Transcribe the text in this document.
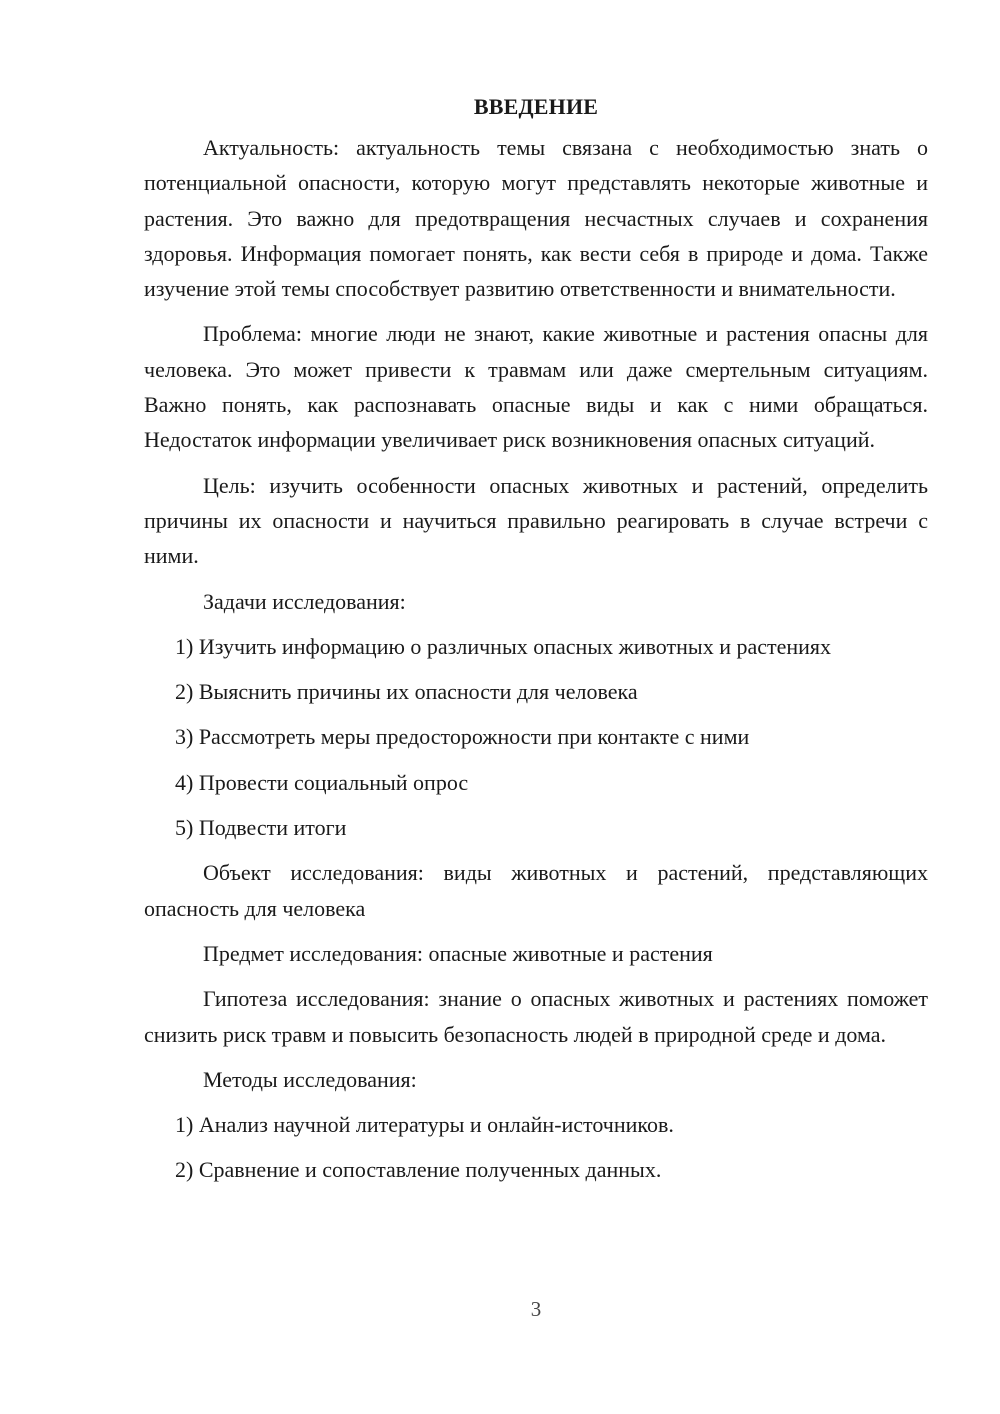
ВВЕДЕНИЕ

Актуальность: актуальность темы связана с необходимостью знать о потенциальной опасности, которую могут представлять некоторые животные и растения. Это важно для предотвращения несчастных случаев и сохранения здоровья. Информация помогает понять, как вести себя в природе и дома. Также изучение этой темы способствует развитию ответственности и внимательности.

Проблема: многие люди не знают, какие животные и растения опасны для человека. Это может привести к травмам или даже смертельным ситуациям. Важно понять, как распознавать опасные виды и как с ними обращаться. Недостаток информации увеличивает риск возникновения опасных ситуаций.

Цель: изучить особенности опасных животных и растений, определить причины их опасности и научиться правильно реагировать в случае встречи с ними.

Задачи исследования:

1) Изучить информацию о различных опасных животных и растениях
2) Выяснить причины их опасности для человека
3) Рассмотреть меры предосторожности при контакте с ними
4) Провести социальный опрос
5) Подвести итоги

Объект исследования: виды животных и растений, представляющих опасность для человека

Предмет исследования: опасные животные и растения

Гипотеза исследования: знание о опасных животных и растениях поможет снизить риск травм и повысить безопасность людей в природной среде и дома.

Методы исследования:

1) Анализ научной литературы и онлайн-источников.
2) Сравнение и сопоставление полученных данных.
3
